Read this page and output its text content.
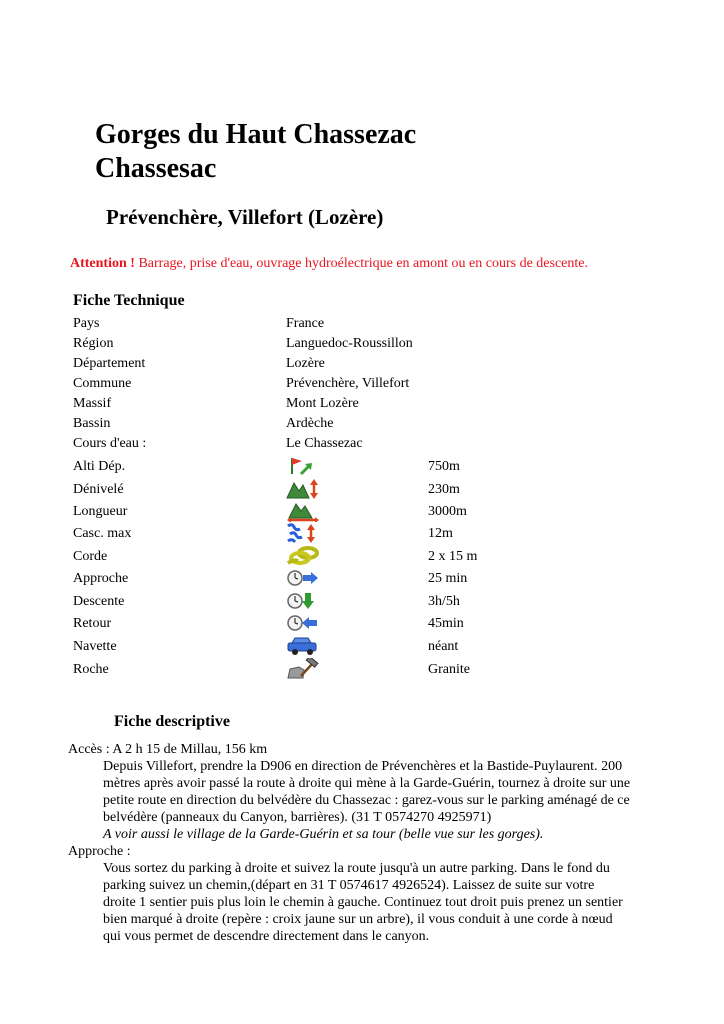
Gorges du Haut Chassezac
Chassesac
Prévenchère, Villefort (Lozère)
Attention ! Barrage, prise d'eau, ouvrage hydroélectrique en amont ou en cours de descente.
Fiche Technique
Pays	France
Région	Languedoc-Roussillon
Département	Lozère
Commune	Prévenchère, Villefort
Massif	Mont Lozère
Bassin	Ardèche
Cours d'eau :	Le Chassezac
Alti Dép.	750m
Dénivelé	230m
Longueur	3000m
Casc. max	12m
Corde	2 x 15 m
Approche	25 min
Descente	3h/5h
Retour	45min
Navette	néant
Roche	Granite
Fiche descriptive
Accès : A 2 h 15 de Millau, 156 km
Depuis Villefort, prendre la D906 en direction de Prévenchères et la Bastide-Puylaurent. 200
mètres après avoir passé la route à droite qui mène à la Garde-Guérin, tournez à droite sur une
petite route en direction du belvédère du Chassezac : garez-vous sur le parking aménagé de ce
belvédère (panneaux du Canyon, barrières). (31 T 0574270 4925971)
A voir aussi le village de la Garde-Guérin et sa tour (belle vue sur les gorges).
Approche :
Vous sortez du parking à droite et suivez la route jusqu'à un autre parking. Dans le fond du
parking suivez un chemin,(départ en 31 T 0574617 4926524). Laissez de suite sur votre
droite 1 sentier puis plus loin le chemin à gauche. Continuez tout droit puis prenez un sentier
bien marqué à droite (repère : croix jaune sur un arbre), il vous conduit à une corde à nœud
qui vous permet de descendre directement dans le canyon.
